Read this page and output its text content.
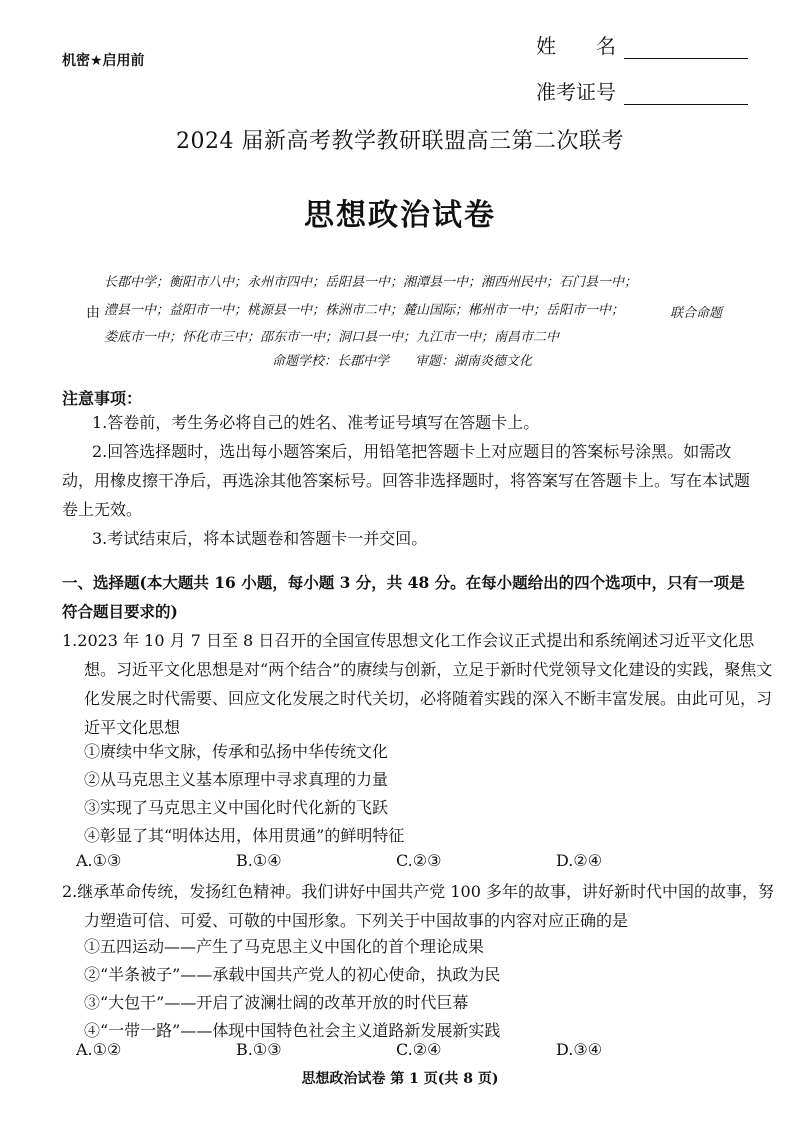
机密★启用前
姓　　名
准考证号
2024 届新高考教学教研联盟高三第二次联考
思想政治试卷
由
长郡中学；衡阳市八中；永州市四中；岳阳县一中；湘潭县一中；湘西州民中；石门县一中；
澧县一中；益阳市一中；桃源县一中；株洲市二中；麓山国际；郴州市一中；岳阳市一中；
娄底市一中；怀化市三中；邵东市一中；洞口县一中；九江市一中；南昌市二中
命题学校：长郡中学　　审题：湖南炎德文化
联合命题
注意事项：
1.答卷前，考生务必将自己的姓名、准考证号填写在答题卡上。
2.回答选择题时，选出每小题答案后，用铅笔把答题卡上对应题目的答案标号涂黑。如需改动，用橡皮擦干净后，再选涂其他答案标号。回答非选择题时，将答案写在答题卡上。写在本试题卷上无效。
3.考试结束后，将本试题卷和答题卡一并交回。
一、选择题(本大题共 16 小题，每小题 3 分，共 48 分。在每小题给出的四个选项中，只有一项是符合题目要求的)
1.2023 年 10 月 7 日至 8 日召开的全国宣传思想文化工作会议正式提出和系统阐述习近平文化思想。习近平文化思想是对“两个结合”的赓续与创新，立足于新时代党领导文化建设的实践，聚焦文化发展之时代需要、回应文化发展之时代关切，必将随着实践的深入不断丰富发展。由此可见，习近平文化思想
①赓续中华文脉，传承和弘扬中华传统文化
②从马克思主义基本原理中寻求真理的力量
③实现了马克思主义中国化时代化新的飞跃
④彰显了其“明体达用，体用贯通”的鲜明特征
A.①③	B.①④	C.②③	D.②④
2.继承革命传统，发扬红色精神。我们讲好中国共产党 100 多年的故事，讲好新时代中国的故事，努力塑造可信、可爱、可敬的中国形象。下列关于中国故事的内容对应正确的是
①五四运动——产生了马克思主义中国化的首个理论成果
②“半条被子”——承载中国共产党人的初心使命，执政为民
③“大包干”——开启了波澜壮阔的改革开放的时代巨幕
④“一带一路”——体现中国特色社会主义道路新发展新实践
A.①②	B.①③	C.②④	D.③④
思想政治试卷 第 1 页(共 8 页)
